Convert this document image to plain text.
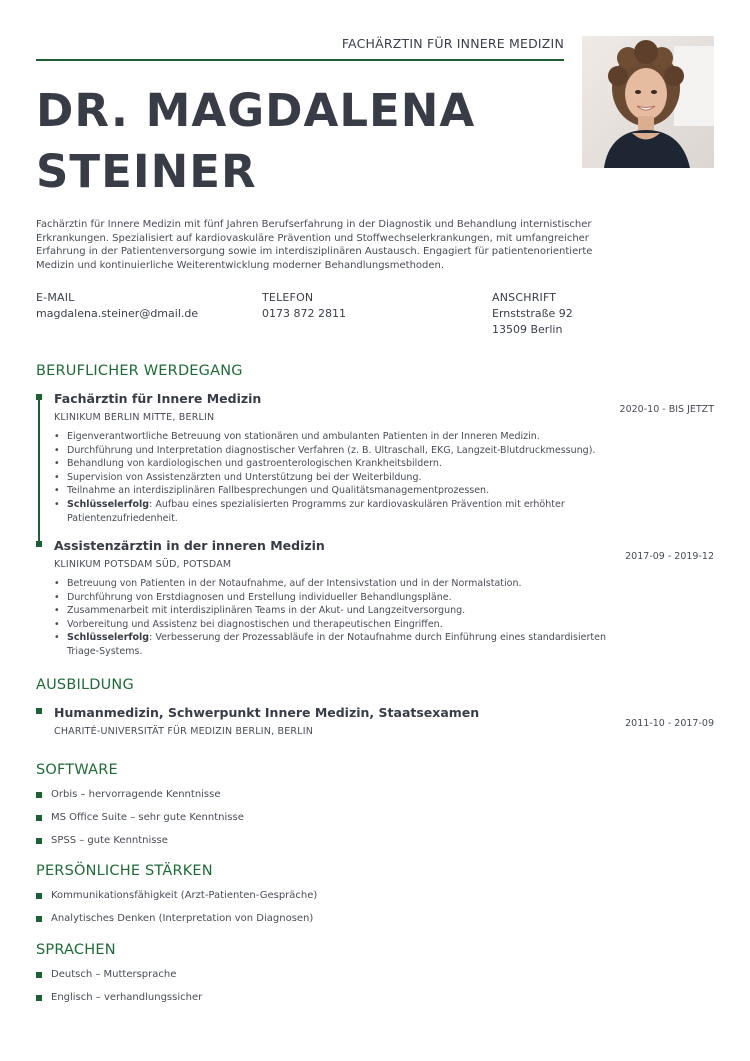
FACHÄRZTIN FÜR INNERE MEDIZIN
DR. MAGDALENA
STEINER
Fachärztin für Innere Medizin mit fünf Jahren Berufserfahrung in der Diagnostik und Behandlung internistischer Erkrankungen. Spezialisiert auf kardiovaskuläre Prävention und Stoffwechselerkrankungen, mit umfangreicher Erfahrung in der Patientenversorgung sowie im interdisziplinären Austausch. Engagiert für patientenorientierte Medizin und kontinuierliche Weiterentwicklung moderner Behandlungsmethoden.
E-MAIL
magdalena.steiner@dmail.de
TELEFON
0173 872 2811
ANSCHRIFT
Ernststraße 92
13509 Berlin
BERUFLICHER WERDEGANG
Fachärztin für Innere Medizin
2020-10 - BIS JETZT
KLINIKUM BERLIN MITTE, BERLIN
• Eigenverantwortliche Betreuung von stationären und ambulanten Patienten in der Inneren Medizin.
• Durchführung und Interpretation diagnostischer Verfahren (z. B. Ultraschall, EKG, Langzeit-Blutdruckmessung).
• Behandlung von kardiologischen und gastroenterologischen Krankheitsbildern.
• Supervision von Assistenzärzten und Unterstützung bei der Weiterbildung.
• Teilnahme an interdisziplinären Fallbesprechungen und Qualitätsmanagementprozessen.
• Schlüsselerfolg: Aufbau eines spezialisierten Programms zur kardiovaskulären Prävention mit erhöhter Patientenzufriedenheit.
Assistenzärztin in der inneren Medizin
2017-09 - 2019-12
KLINIKUM POTSDAM SÜD, POTSDAM
• Betreuung von Patienten in der Notaufnahme, auf der Intensivstation und in der Normalstation.
• Durchführung von Erstdiagnosen und Erstellung individueller Behandlungspläne.
• Zusammenarbeit mit interdisziplinären Teams in der Akut- und Langzeitversorgung.
• Vorbereitung und Assistenz bei diagnostischen und therapeutischen Eingriffen.
• Schlüsselerfolg: Verbesserung der Prozessabläufe in der Notaufnahme durch Einführung eines standardisierten Triage-Systems.
AUSBILDUNG
Humanmedizin, Schwerpunkt Innere Medizin, Staatsexamen
2011-10 - 2017-09
CHARITÉ-UNIVERSITÄT FÜR MEDIZIN BERLIN, BERLIN
SOFTWARE
Orbis – hervorragende Kenntnisse
MS Office Suite – sehr gute Kenntnisse
SPSS – gute Kenntnisse
PERSÖNLICHE STÄRKEN
Kommunikationsfähigkeit (Arzt-Patienten-Gespräche)
Analytisches Denken (Interpretation von Diagnosen)
SPRACHEN
Deutsch – Muttersprache
Englisch – verhandlungssicher
